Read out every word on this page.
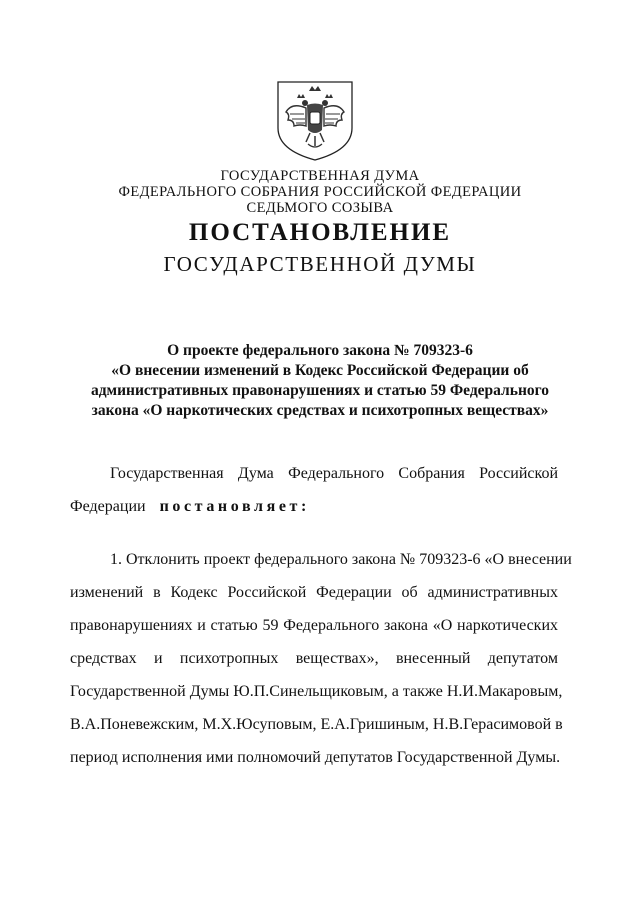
ГОСУДАРСТВЕННАЯ ДУМА
ФЕДЕРАЛЬНОГО СОБРАНИЯ РОССИЙСКОЙ ФЕДЕРАЦИИ
СЕДЬМОГО СОЗЫВА
ПОСТАНОВЛЕНИЕ
ГОСУДАРСТВЕННОЙ ДУМЫ
О проекте федерального закона № 709323-6
«О внесении изменений в Кодекс Российской Федерации об
административных правонарушениях и статью 59 Федерального
закона «О наркотических средствах и психотропных веществах»
Государственная Дума Федерального Собрания Российской
Федерации постановляет:
1. Отклонить проект федерального закона № 709323-6 «О внесении
изменений в Кодекс Российской Федерации об административных
правонарушениях и статью 59 Федерального закона «О наркотических
средствах и психотропных веществах», внесенный депутатом
Государственной Думы Ю.П.Синельщиковым, а также Н.И.Макаровым,
В.А.Поневежским, М.Х.Юсуповым, Е.А.Гришиным, Н.В.Герасимовой в
период исполнения ими полномочий депутатов Государственной Думы.
